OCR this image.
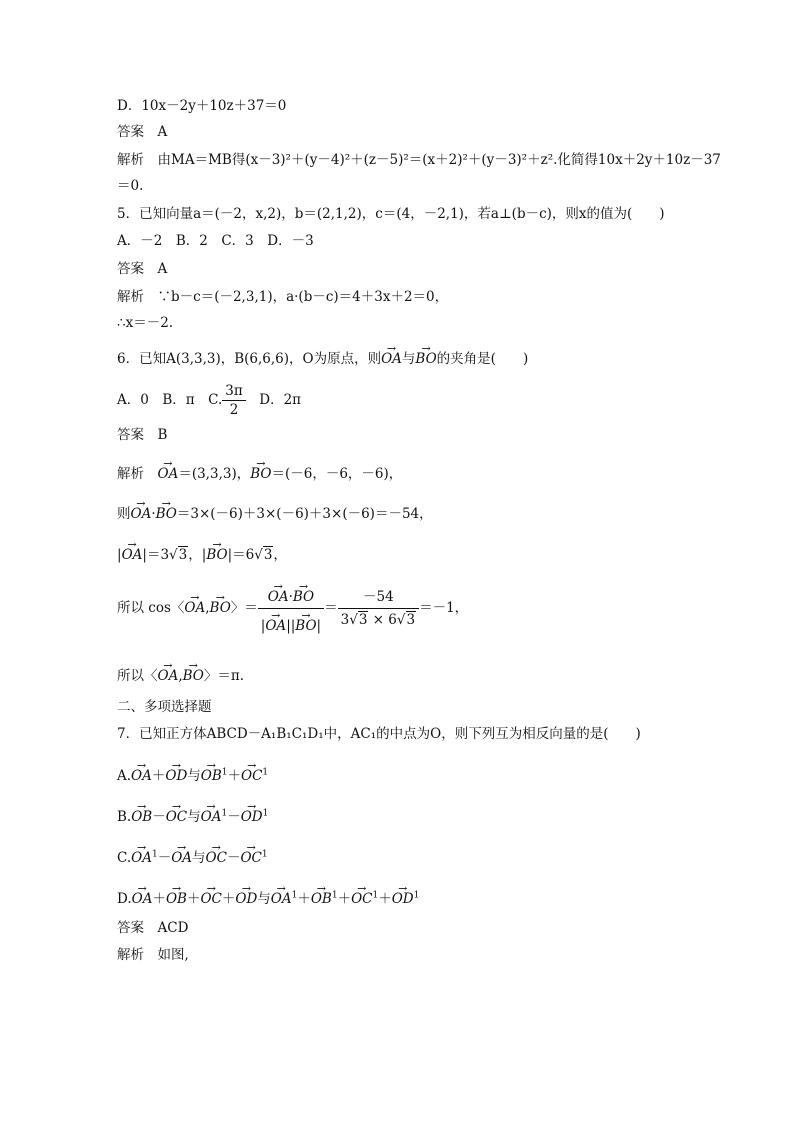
D．10x－2y＋10z＋37＝0
答案　 A
解析　 由MA＝MB得(x－3)²＋(y－4)²＋(z－5)²＝(x＋2)²＋(y－3)²＋z².化简得10x＋2y＋10z－37
＝0.
5．已知向量a＝(－2，x,2)，b＝(2,1,2)，c＝(4，－2,1)，若a⊥(b－c)，则x的值为(　　)
A．－2　B．2　C．3　D．－3
答案　 A
解析　 ∵b－c＝(－2,3,1)，a·(b－c)＝4＋3x＋2＝0，
∴x＝－2.
6．已知A(3,3,3)，B(6,6,6)，O为原点，则→ OA与→ BO的夹角是(　　)
A．0　B．π　C. $\frac{3\pi}{2}$ 　D．2π
答案　 B
解析　 → OA＝(3,3,3)，→ BO＝(－6，－6，－6)，
则→ OA·→ BO＝3×(－6)＋3×(－6)＋3×(－6)＝－54，
|→ OA|＝3√3，|→ BO|＝6√3，
所以 cos〈→ OA,→ BO〉＝ → $\frac{OA\cdot\to BO}{|\to OA||\to BO|} = \frac{-54}{3√3 \times 6√3} =-1$，
所以〈→ OA,→ BO〉＝π.
二、多项选择题
7．已知正方体ABCD－A₁B₁C₁D₁中，AC₁的中点为O，则下列互为相反向量的是(　　)
A.→ OA＋→ OD与→ $OB^1+\to OC^1$
B.→ OB－→ OC与→ $OA^1-\to OD^1$
$C.\to OA^1-\to$ OA与→ $OC-\to OC^1$
D.→ OA＋→ OB＋→ OC＋→ OD与→ $OA^1+\to OB^1+\to OC^1+\to OD^1$
答案　 ACD
解析　 如图,
